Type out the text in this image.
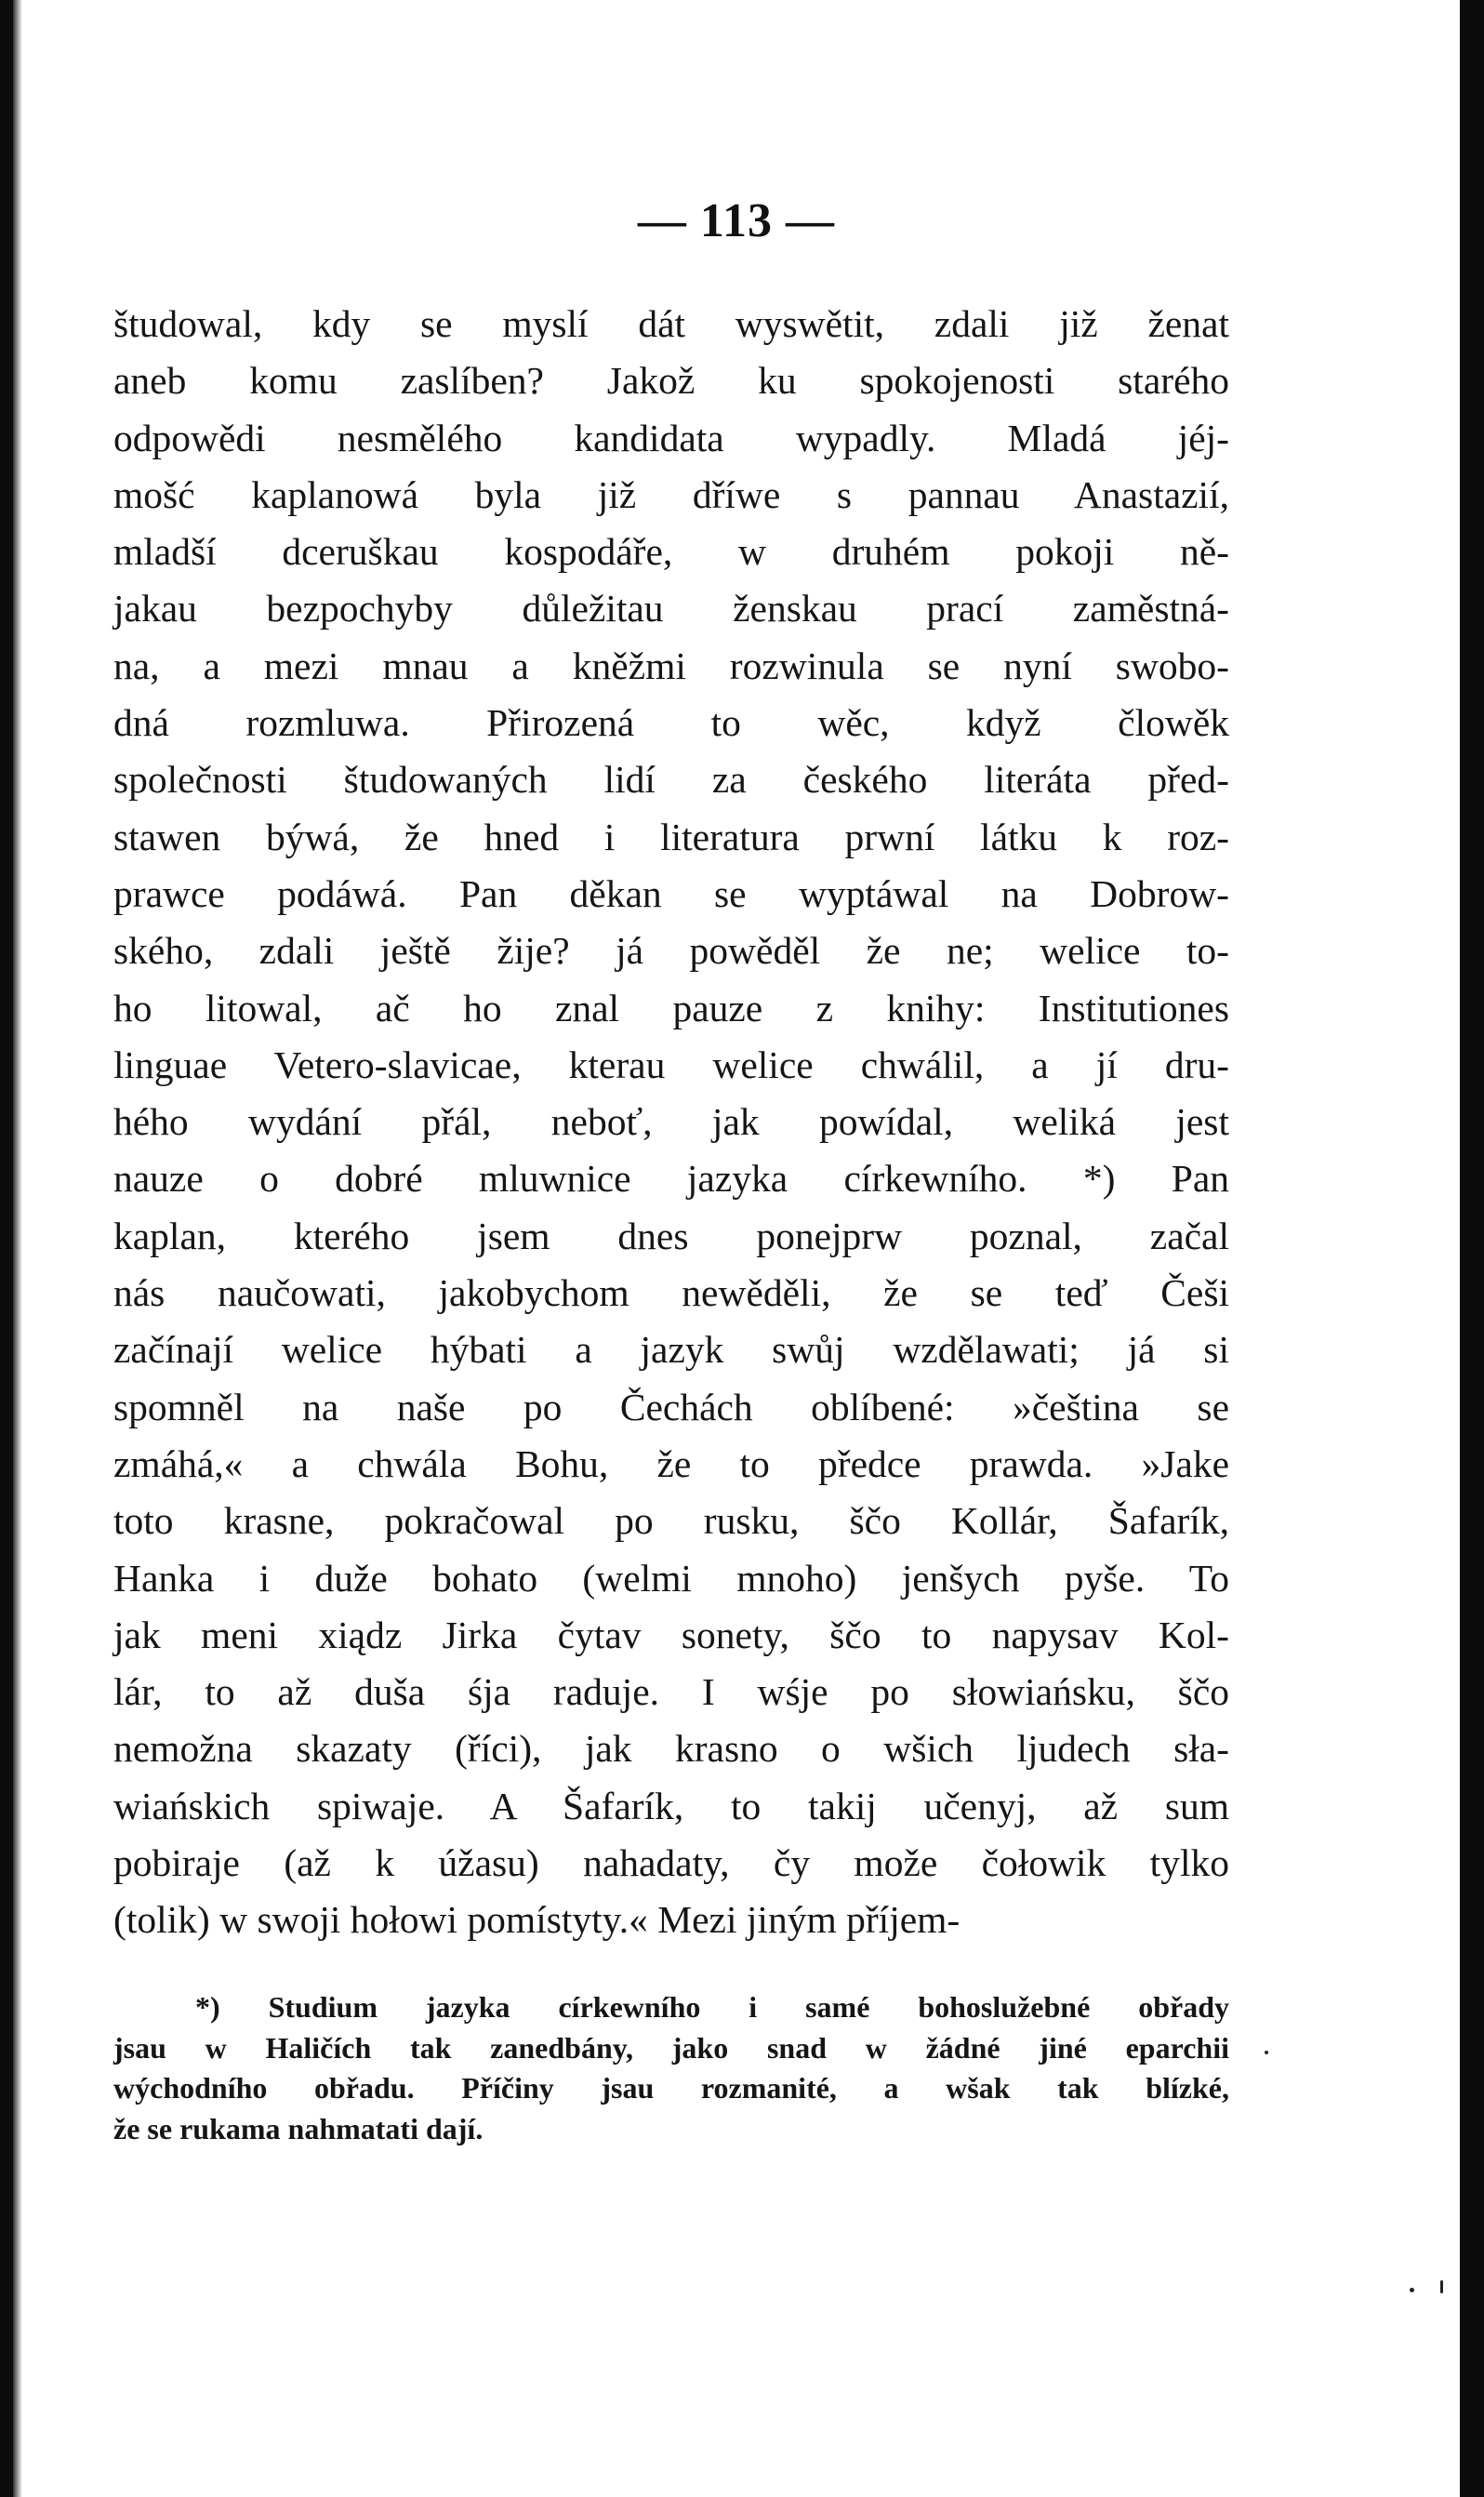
— 113 —
študowal, kdy se myslí dát wyswětit, zdali již ženat
aneb komu zaslíben? Jakož ku spokojenosti starého
odpowědi nesmělého kandidata wypadly. Mladá jéj-
mošć kaplanowá byla již dříwe s pannau Anastazií,
mladší dceruškau kospodáře, w druhém pokoji ně-
jakau bezpochyby důležitau ženskau prací zaměstná-
na, a mezi mnau a kněžmi rozwinula se nyní swobo-
dná rozmluwa. Přirozená to wěc, když člowěk
společnosti študowaných lidí za českého literáta před-
stawen býwá, že hned i literatura prwní látku k roz-
prawce podáwá. Pan děkan se wyptáwal na Dobrow-
ského, zdali ještě žije? já powěděl že ne; welice to-
ho litowal, ač ho znal pauze z knihy: Institutiones
linguae Vetero-slavicae, kterau welice chwálil, a jí dru-
hého wydání přál, neboť, jak powídal, weliká jest
nauze o dobré mluwnice jazyka církewního. *) Pan
kaplan, kterého jsem dnes ponejprw poznal, začal
nás naučowati, jakobychom newěděli, že se teď Češi
začínají welice hýbati a jazyk swůj wzdělawati; já si
spomněl na naše po Čechách oblíbené: »čeština se
zmáhá,« a chwála Bohu, že to předce prawda. »Jake
toto krasne, pokračowal po rusku, ščo Kollár, Šafarík,
Hanka i duže bohato (welmi mnoho) jenšych pyše. To
jak meni xiądz Jirka čytav sonety, ščo to napysav Kol-
lár, to až duša śja raduje. I wśje po słowiańsku, ščo
nemožna skazaty (říci), jak krasno o wšich ljudech sła-
wiańskich spiwaje. A Šafarík, to takij učenyj, až sum
pobiraje (až k úžasu) nahadaty, čy može čołowik tylko
(tolik) w swoji hołowi pomístyty.« Mezi jiným příjem-
*) Studium jazyka církewního i samé bohoslužebné obřady
jsau w Haličích tak zanedbány, jako snad w žádné jiné eparchii
wýchodního obřadu. Příčiny jsau rozmanité, a wšak tak blízké,
že se rukama nahmatati dají.
